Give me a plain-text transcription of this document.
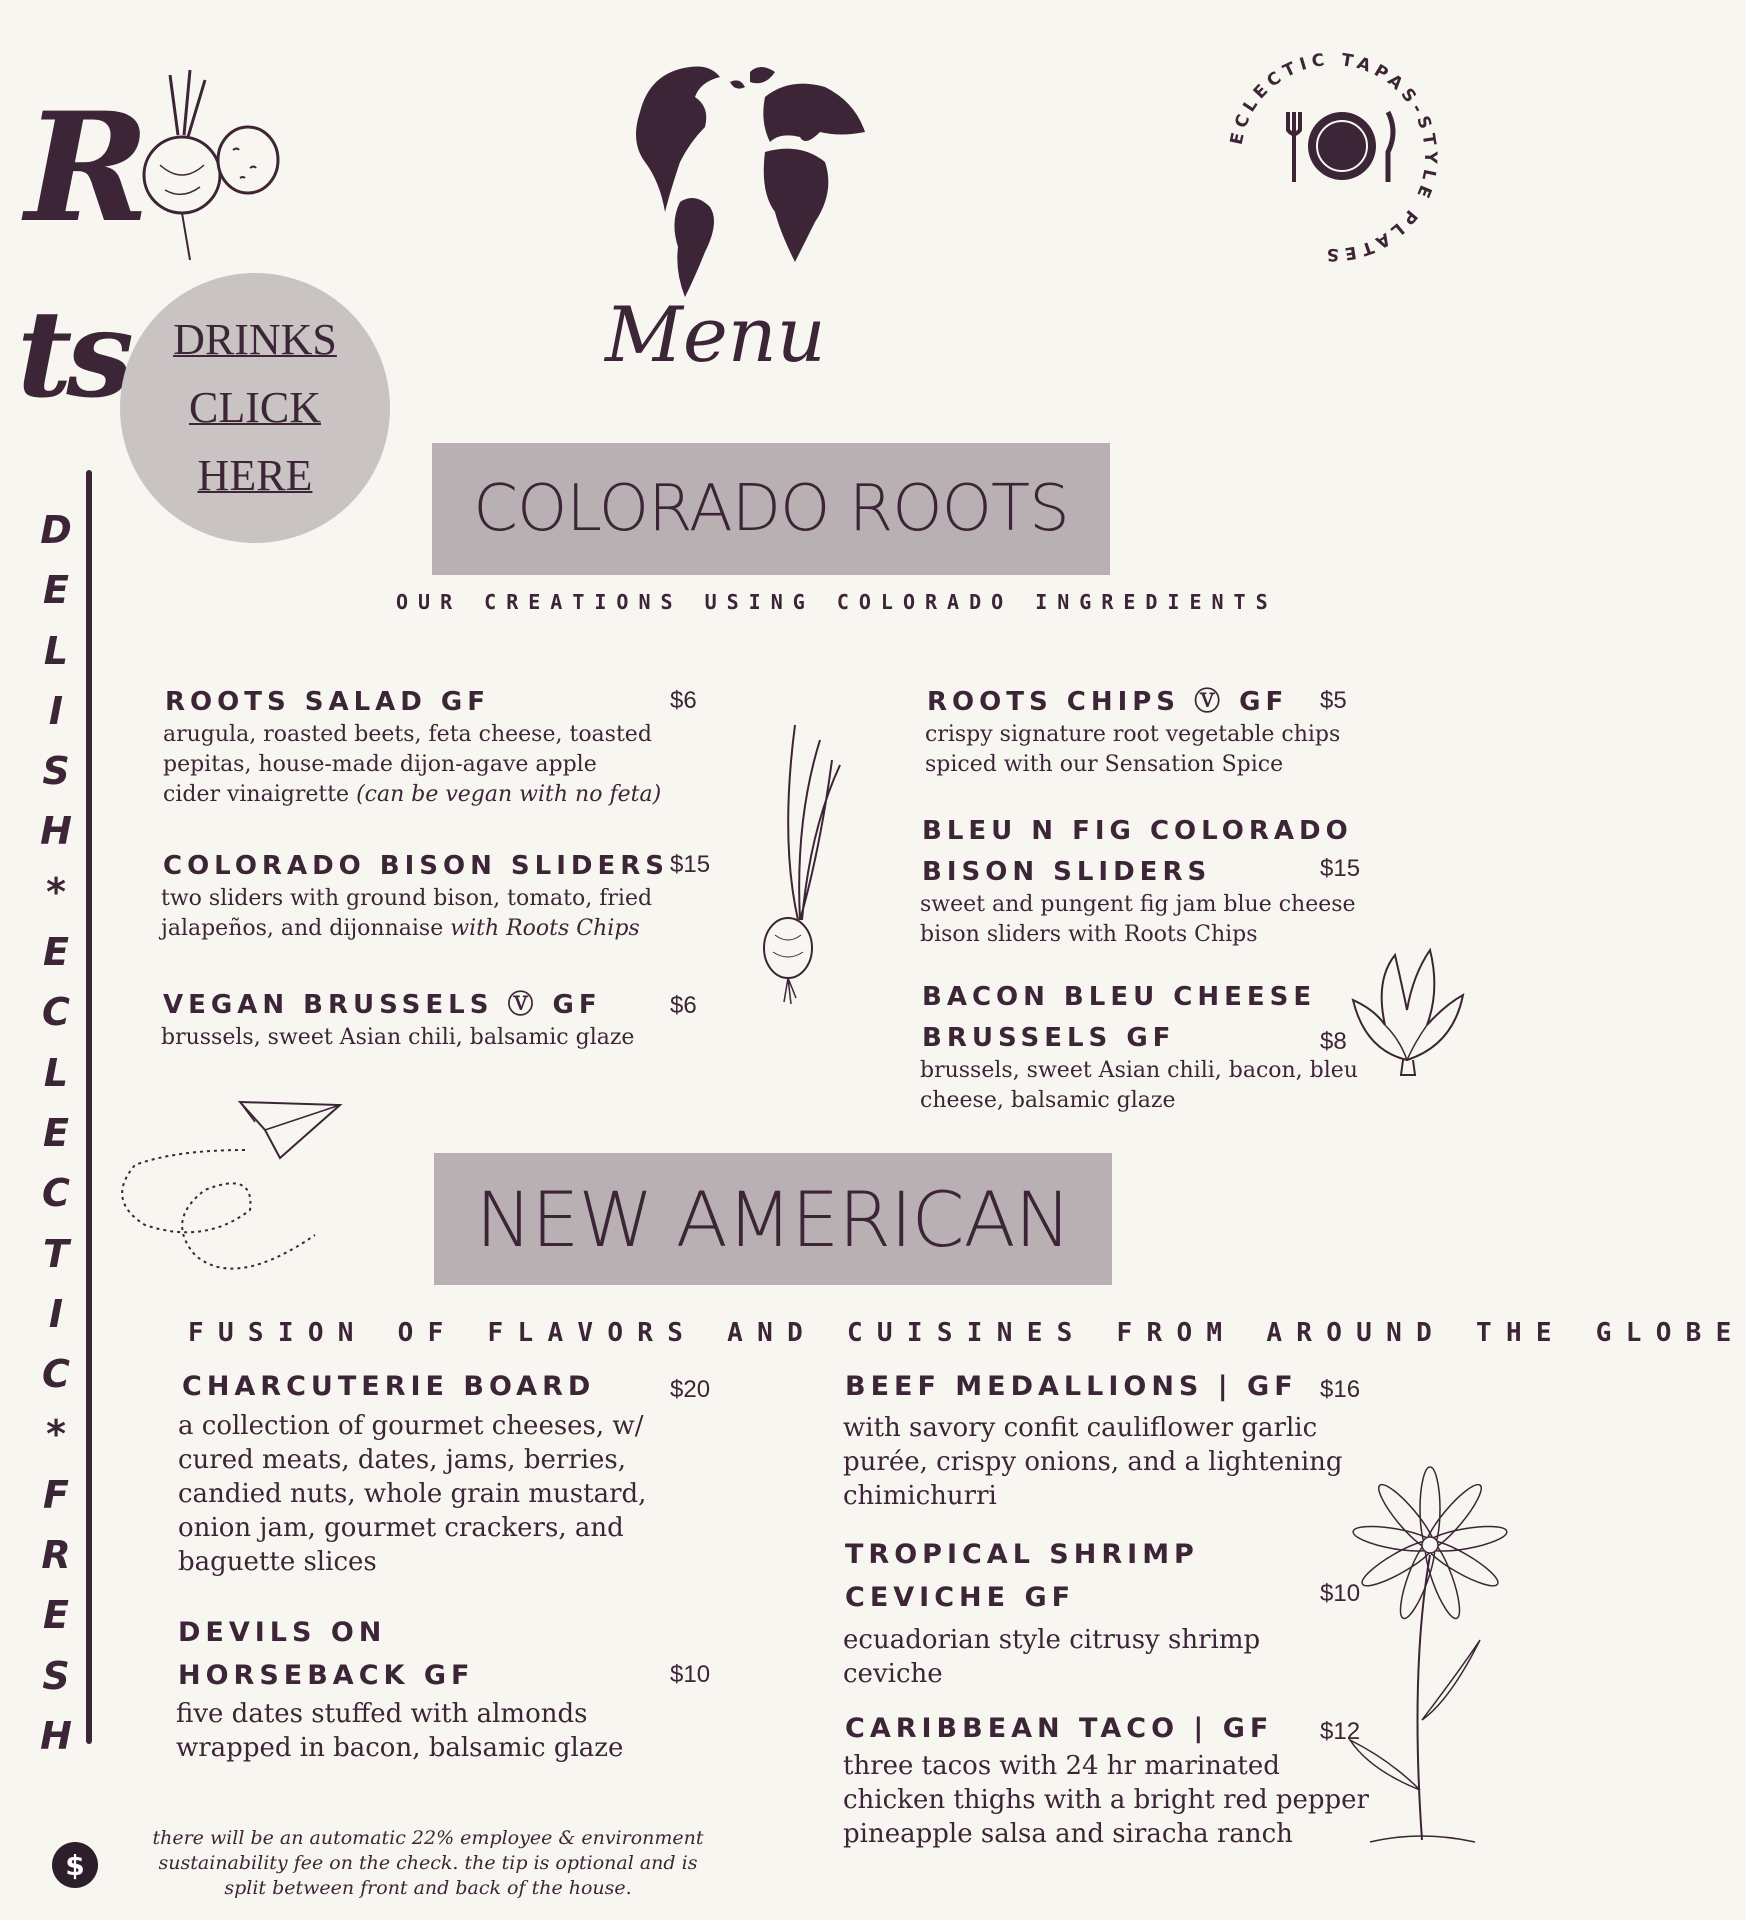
Rts	Menu
ECLECTIC TAPAS-STYLE PLATES
DRINKS
CLICK
HERE
D
E
L
I
S
H
*
E
C
L
E
C
T
I
C
*
F
R
E
S
H
COLORADO ROOTS
OUR CREATIONS USING COLORADO INGREDIENTS
ROOTS SALAD GF	$6
arugula, roasted beets, feta cheese, toasted
pepitas, house-made dijon-agave apple
cider vinaigrette (can be vegan with no feta)
COLORADO BISON SLIDERS $15
two sliders with ground bison, tomato, fried
jalapeños, and dijonnaise with Roots Chips
VEGAN BRUSSELS Ⓥ GF	$6
brussels, sweet Asian chili, balsamic glaze
ROOTS CHIPS Ⓥ GF $5
crispy signature root vegetable chips
spiced with our Sensation Spice
BLEU N FIG COLORADO
BISON SLIDERS	$15
sweet and pungent fig jam blue cheese
bison sliders with Roots Chips
BACON BLEU CHEESE
BRUSSELS GF	$8
brussels, sweet Asian chili, bacon, bleu
cheese, balsamic glaze
NEW AMERICAN
FUSION OF FLAVORS AND CUISINES FROM AROUND THE GLOBE
CHARCUTERIE BOARD	$20
a collection of gourmet cheeses, w/
cured meats, dates, jams, berries,
candied nuts, whole grain mustard,
onion jam, gourmet crackers, and
baguette slices
DEVILS ON
HORSEBACK GF	$10
five dates stuffed with almonds
wrapped in bacon, balsamic glaze
BEEF MEDALLIONS | GF $16
with savory confit cauliflower garlic
purée, crispy onions, and a lightening
chimichurri
TROPICAL SHRIMP
CEVICHE GF	$10
ecuadorian style citrusy shrimp
ceviche
CARIBBEAN TACO | GF $12
three tacos with 24 hr marinated
chicken thighs with a bright red pepper
pineapple salsa and siracha ranch
$
there will be an automatic 22% employee & environment
sustainability fee on the check. the tip is optional and is
split between front and back of the house.
